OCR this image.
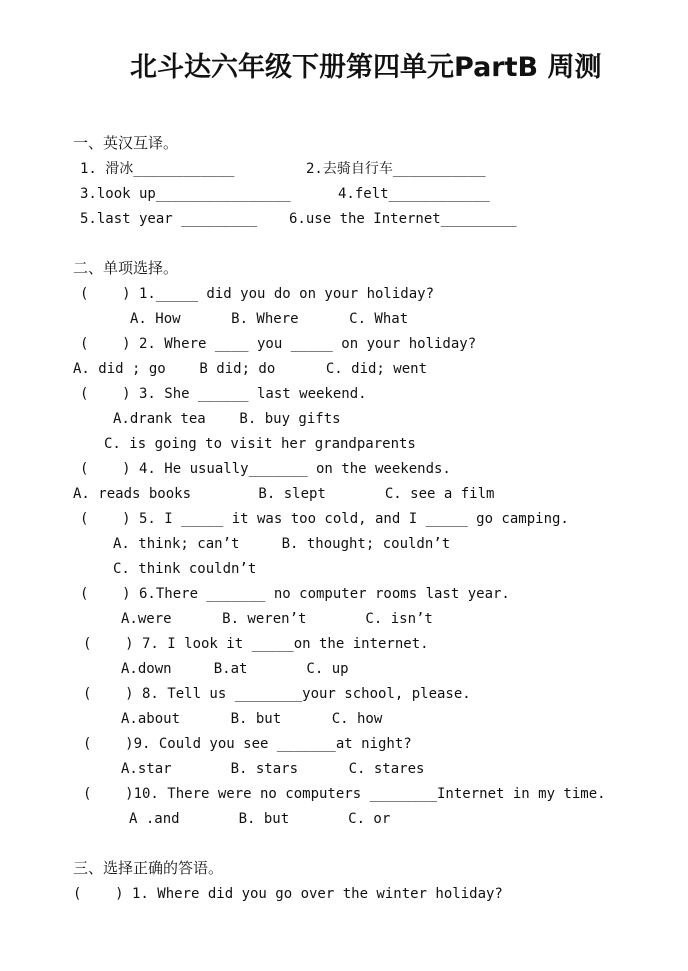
北斗达六年级下册第四单元PartB 周测
一、英汉互译。
1. 滑冰____________	2.去骑自行车___________
3.look up________________	4.felt____________
5.last year _________ 6.use the Internet_________
二、单项选择。
(    ) 1._____ did you do on your holiday?
A. How      B. Where      C. What
(    ) 2. Where ____ you _____ on your holiday?
A. did ; go    B did; do      C. did; went
(    ) 3. She ______ last weekend.
A.drank tea    B. buy gifts
C. is going to visit her grandparents
(    ) 4. He usually_______ on the weekends.
A. reads books        B. slept       C. see a film
(    ) 5. I _____ it was too cold, and I _____ go camping.
A. think; can’t     B. thought; couldn’t
C. think couldn’t
(    ) 6.There _______ no computer rooms last year.
A.were      B. weren’t       C. isn’t
(    ) 7. I look it _____on the internet.
A.down     B.at       C. up
(    ) 8. Tell us ________your school, please.
A.about      B. but      C. how
(    )9. Could you see _______at night?
A.star       B. stars      C. stares
(    )10. There were no computers ________Internet in my time.
A .and       B. but       C. or
三、选择正确的答语。
(    ) 1. Where did you go over the winter holiday?
